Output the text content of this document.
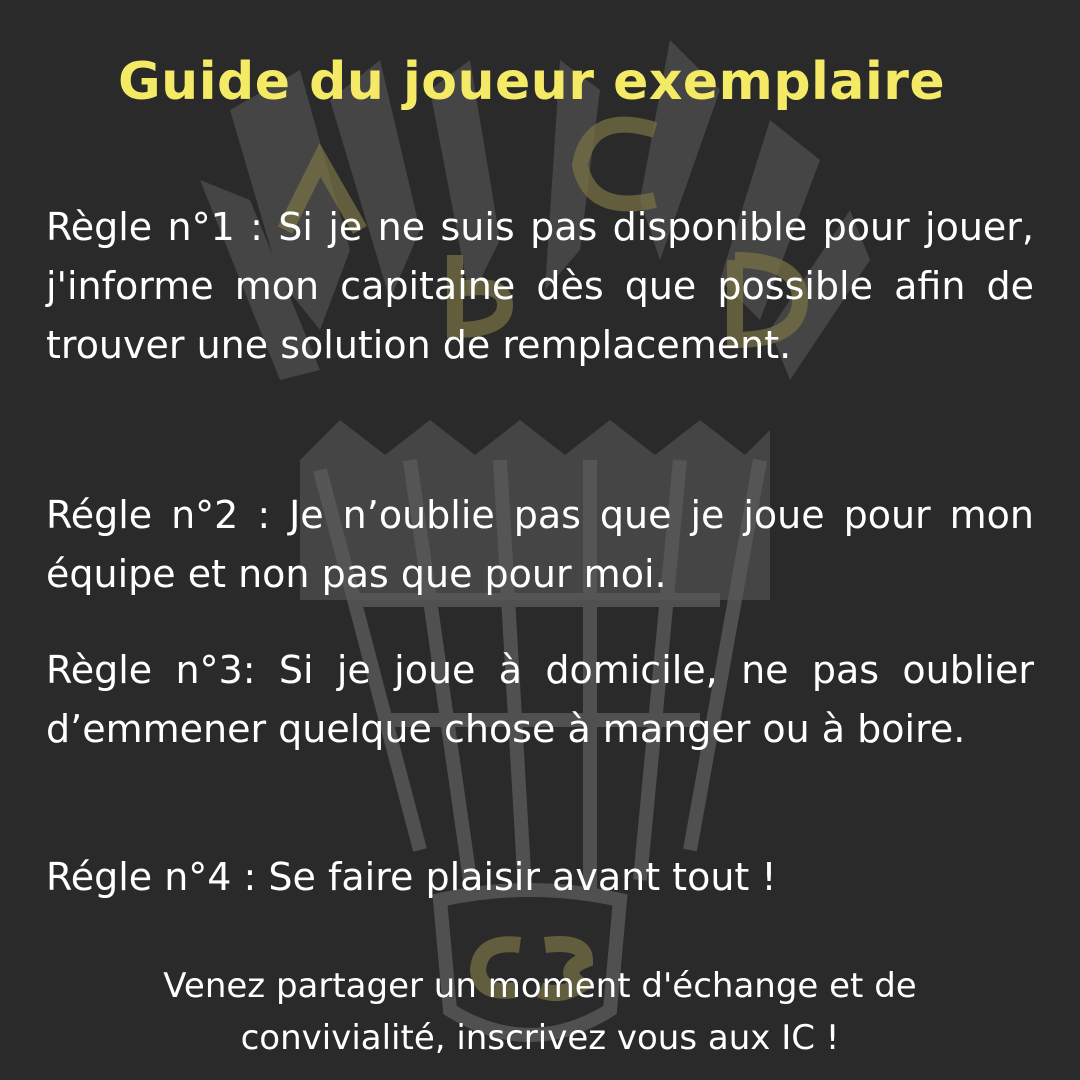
Guide du joueur exemplaire
Règle n°1 : Si je ne suis pas disponible pour jouer, j'informe mon capitaine dès que possible afin de trouver une solution de remplacement.
Régle n°2 : Je n’oublie pas que je joue pour mon équipe et non pas que pour moi.
Règle n°3: Si je joue à domicile, ne pas oublier d’emmener quelque chose à manger ou à boire.
Régle n°4 : Se faire plaisir avant tout !
Venez partager un moment d'échange et de convivialité, inscrivez vous aux IC !
